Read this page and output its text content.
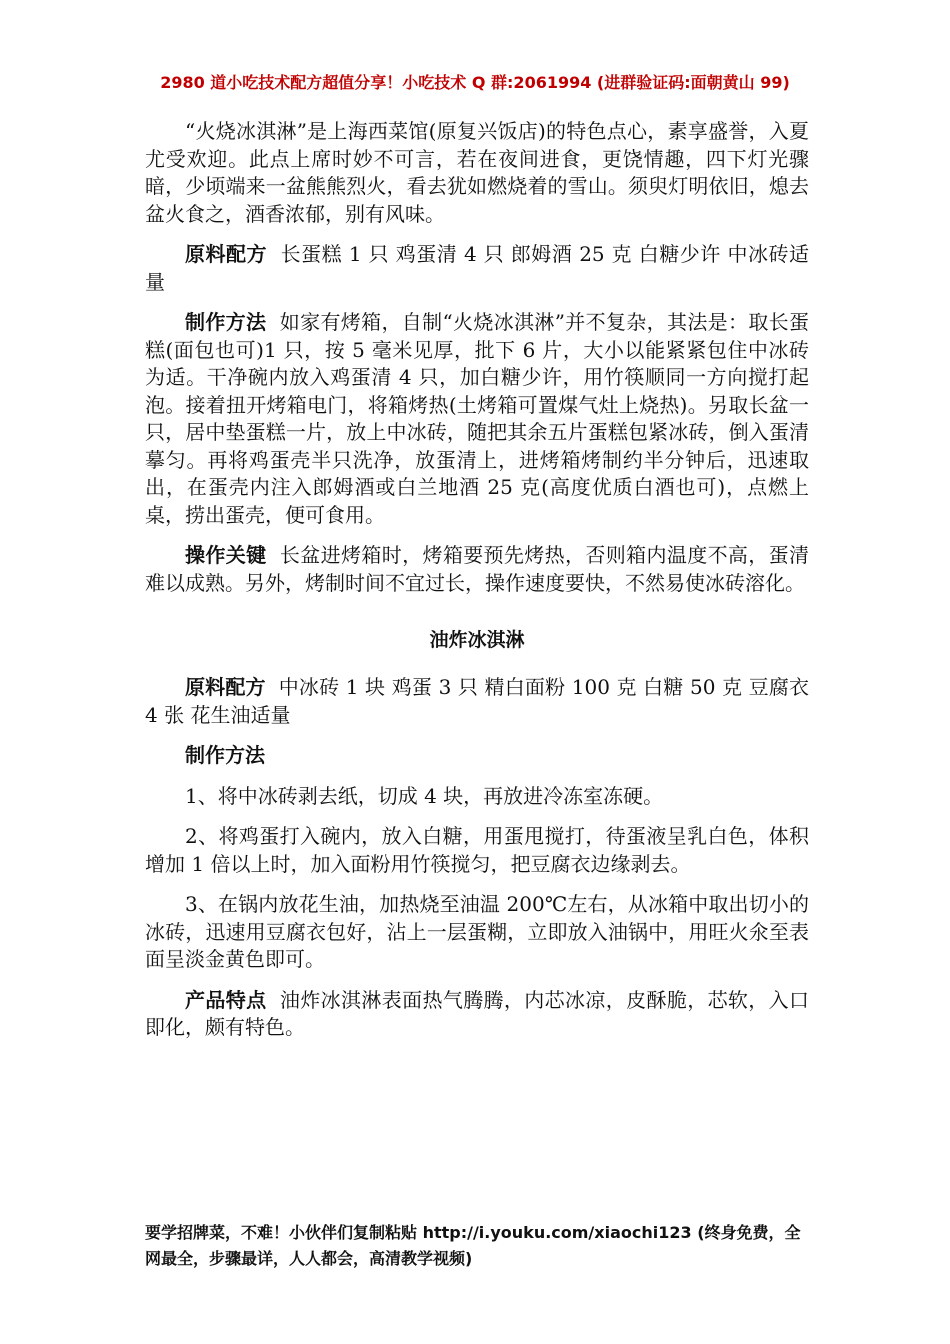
2980 道小吃技术配方超值分享！小吃技术 Q 群:2061994 (进群验证码:面朝黄山 99)

“火烧冰淇淋”是上海西菜馆(原复兴饭店)的特色点心，素享盛誉，入夏尤受欢迎。此点上席时妙不可言，若在夜间进食，更饶情趣，四下灯光骤暗，少顷端来一盆熊熊烈火，看去犹如燃烧着的雪山。须臾灯明依旧，熄去盆火食之，酒香浓郁，别有风味。

原料配方 长蛋糕 1 只 鸡蛋清 4 只 郎姆酒 25 克 白糖少许 中冰砖适量

制作方法 如家有烤箱，自制“火烧冰淇淋”并不复杂，其法是：取长蛋糕(面包也可)1 只，按 5 毫米见厚，批下 6 片，大小以能紧紧包住中冰砖为适。干净碗内放入鸡蛋清 4 只，加白糖少许，用竹筷顺同一方向搅打起泡。接着扭开烤箱电门，将箱烤热(土烤箱可置煤气灶上烧热)。另取长盆一只，居中垫蛋糕一片，放上中冰砖，随把其余五片蛋糕包紧冰砖，倒入蛋清摹匀。再将鸡蛋壳半只洗净，放蛋清上，进烤箱烤制约半分钟后，迅速取出，在蛋壳内注入郎姆酒或白兰地酒 25 克(高度优质白酒也可)，点燃上桌，捞出蛋壳，便可食用。

操作关键 长盆进烤箱时，烤箱要预先烤热，否则箱内温度不高，蛋清难以成熟。另外，烤制时间不宜过长，操作速度要快，不然易使冰砖溶化。

油炸冰淇淋

原料配方 中冰砖 1 块 鸡蛋 3 只 精白面粉 100 克 白糖 50 克 豆腐衣 4 张 花生油适量

制作方法

1、将中冰砖剥去纸，切成 4 块，再放进冷冻室冻硬。

2、将鸡蛋打入碗内，放入白糖，用蛋甩搅打，待蛋液呈乳白色，体积增加 1 倍以上时，加入面粉用竹筷搅匀，把豆腐衣边缘剥去。

3、在锅内放花生油，加热烧至油温 200℃左右，从冰箱中取出切小的冰砖，迅速用豆腐衣包好，沾上一层蛋糊，立即放入油锅中，用旺火氽至表面呈淡金黄色即可。

产品特点 油炸冰淇淋表面热气腾腾，内芯冰凉，皮酥脆，芯软，入口即化，颇有特色。

要学招牌菜，不难！小伙伴们复制粘贴 http://i.youku.com/xiaochi123 (终身免费，全网最全，步骤最详，人人都会，高清教学视频)
